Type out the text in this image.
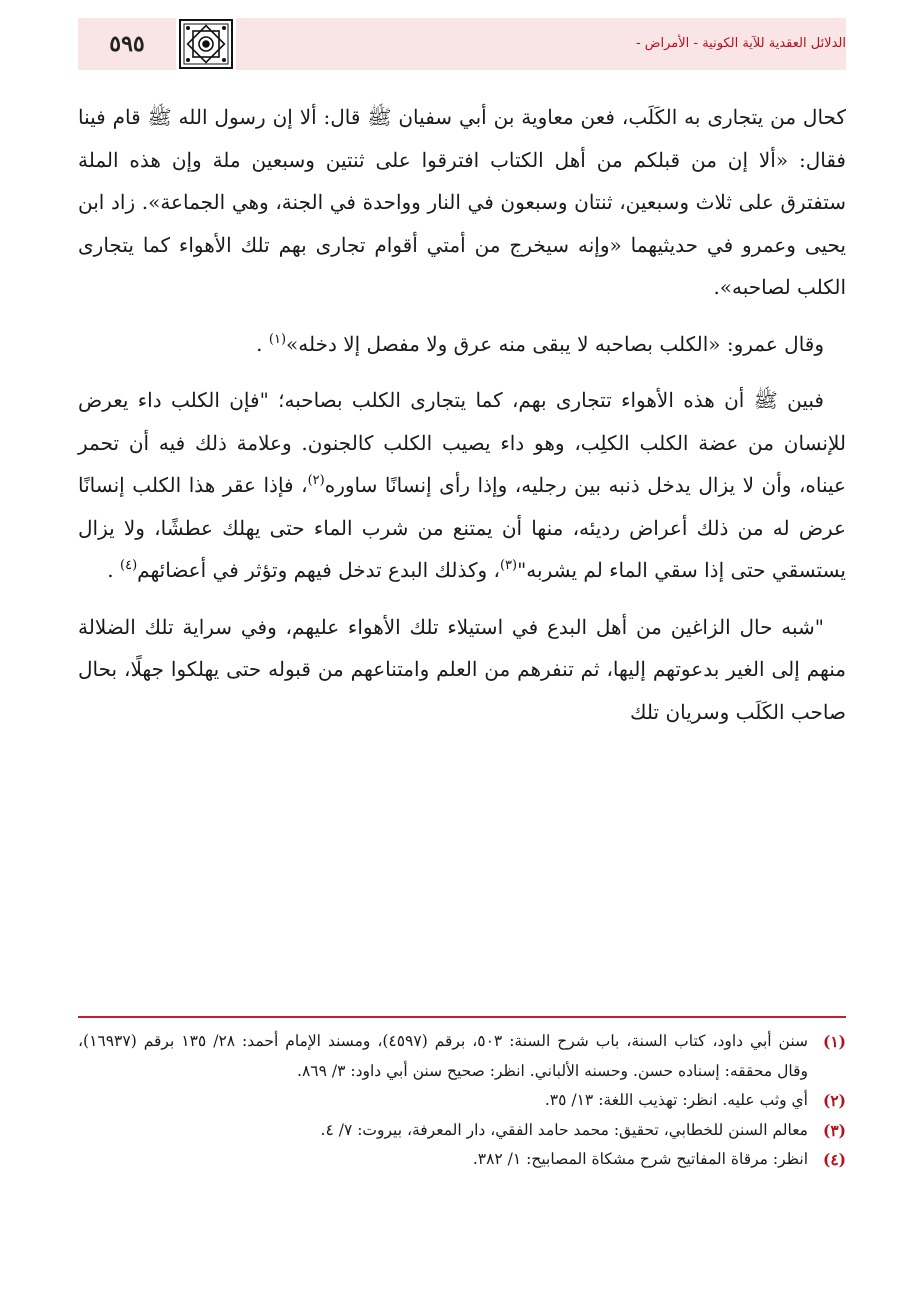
٥٩٥	الدلائل العقدية للآية الكونية - الأمراض -

كحال من يتجارى به الكَلَب، فعن معاوية بن أبي سفيان ﷺ قال: ألا إن رسول الله ﷺ قام فينا فقال: «ألا إن من قبلكم من أهل الكتاب افترقوا على ثنتين وسبعين ملة وإن هذه الملة ستفترق على ثلاث وسبعين، ثنتان وسبعون في النار وواحدة في الجنة، وهي الجماعة». زاد ابن يحيى وعمرو في حديثيهما «وإنه سيخرج من أمتي أقوام تجارى بهم تلك الأهواء كما يتجارى الكلب لصاحبه».

وقال عمرو: «الكلب بصاحبه لا يبقى منه عرق ولا مفصل إلا دخله»$^{(١)}$ .

فبين ﷺ أن هذه الأهواء تتجارى بهم، كما يتجارى الكلب بصاحبه؛ "فإن الكلب داء يعرض للإنسان من عضة الكلب الكلِب، وهو داء يصيب الكلب كالجنون. وعلامة ذلك فيه أن تحمر عيناه، وأن لا يزال يدخل ذنبه بين رجليه، وإذا رأى إنسانًا ساوره$^{(٢)}$، فإذا عقر هذا الكلب إنسانًا عرض له من ذلك أعراض رديئه، منها أن يمتنع من شرب الماء حتى يهلك عطشًا، ولا يزال يستسقي حتى إذا سقي الماء لم يشربه"$^{(٣)}$، وكذلك البدع تدخل فيهم وتؤثر في أعضائهم$^{(٤)}$ .

"شبه حال الزاغين من أهل البدع في استيلاء تلك الأهواء عليهم، وفي سراية تلك الضلالة منهم إلى الغير بدعوتهم إليها، ثم تنفرهم من العلم وامتناعهم من قبوله حتى يهلكوا جهلًا، بحال صاحب الكَلَب وسريان تلك

(١)
سنن أبي داود، كتاب السنة، باب شرح السنة: ٥٠٣، برقم (٤٥٩٧)، ومسند الإمام أحمد: ٢٨/ ١٣٥ برقم (١٦٩٣٧)، وقال محققه: إسناده حسن. وحسنه الألباني. انظر: صحيح سنن أبي داود: ٣/ ٨٦٩.
(٢)
أي وثب عليه. انظر: تهذيب اللغة: ١٣/ ٣٥.
(٣)
معالم السنن للخطابي، تحقيق: محمد حامد الفقي، دار المعرفة، بيروت: ٧/ ٤.
(٤)
انظر: مرقاة المفاتيح شرح مشكاة المصابيح: ١/ ٣٨٢.
